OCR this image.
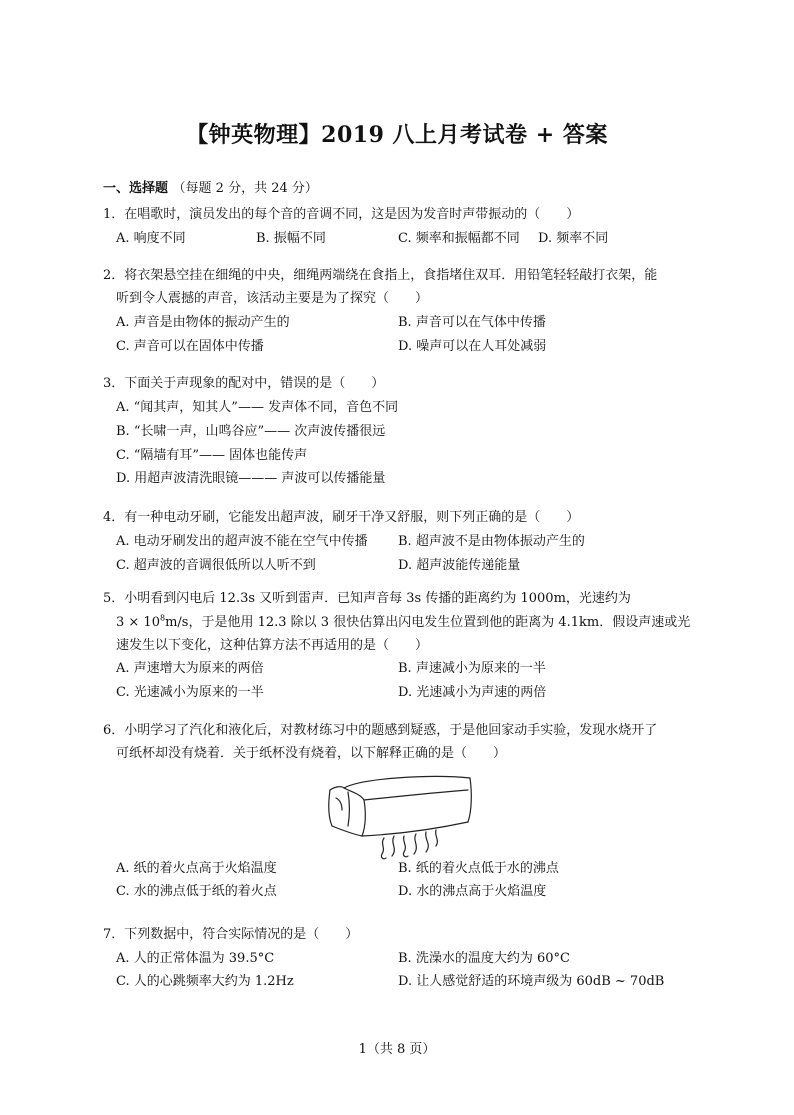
【钟英物理】2019 八上月考试卷 + 答案
一、选择题 （每题 2 分，共 24 分）
1．在唱歌时，演员发出的每个音的音调不同，这是因为发音时声带振动的（　　）
A. 响度不同	B. 振幅不同	C. 频率和振幅都不同 D. 频率不同
2．将衣架悬空挂在细绳的中央，细绳两端绕在食指上，食指堵住双耳．用铅笔轻轻敲打衣架，能
听到令人震撼的声音，该活动主要是为了探究（　　）
A. 声音是由物体的振动产生的	B. 声音可以在气体中传播
C. 声音可以在固体中传播	D. 噪声可以在人耳处减弱
3．下面关于声现象的配对中，错误的是（　　）
A. “闻其声，知其人”—— 发声体不同，音色不同
B. “长啸一声，山鸣谷应”—— 次声波传播很远
C. “隔墙有耳”—— 固体也能传声
D. 用超声波清洗眼镜——— 声波可以传播能量
4．有一种电动牙刷，它能发出超声波，刷牙干净又舒服，则下列正确的是（　　）
A. 电动牙刷发出的超声波不能在空气中传播 B. 超声波不是由物体振动产生的
C. 超声波的音调很低所以人听不到	D. 超声波能传递能量
5．小明看到闪电后 12.3s 又听到雷声．已知声音每 3s 传播的距离约为 1000m，光速约为
$3 \times 10^8m/s$，于是他用 12.3 除以 3 很快估算出闪电发生位置到他的距离为 4.1km．假设声速或光
速发生以下变化，这种估算方法不再适用的是（　　）
A. 声速增大为原来的两倍	B. 声速减小为原来的一半
C. 光速减小为原来的一半	D. 光速减小为声速的两倍
6．小明学习了汽化和液化后，对教材练习中的题感到疑惑，于是他回家动手实验，发现水烧开了
可纸杯却没有烧着．关于纸杯没有烧着，以下解释正确的是（　　）
A. 纸的着火点高于火焰温度	B. 纸的着火点低于水的沸点
C. 水的沸点低于纸的着火点	D. 水的沸点高于火焰温度
7．下列数据中，符合实际情况的是（　　）
A. 人的正常体温为 39.5°C	B. 洗澡水的温度大约为 60°C
C. 人的心跳频率大约为 1.2Hz	D. 让人感觉舒适的环境声级为 60dB ~ 70dB
1（共 8 页）
